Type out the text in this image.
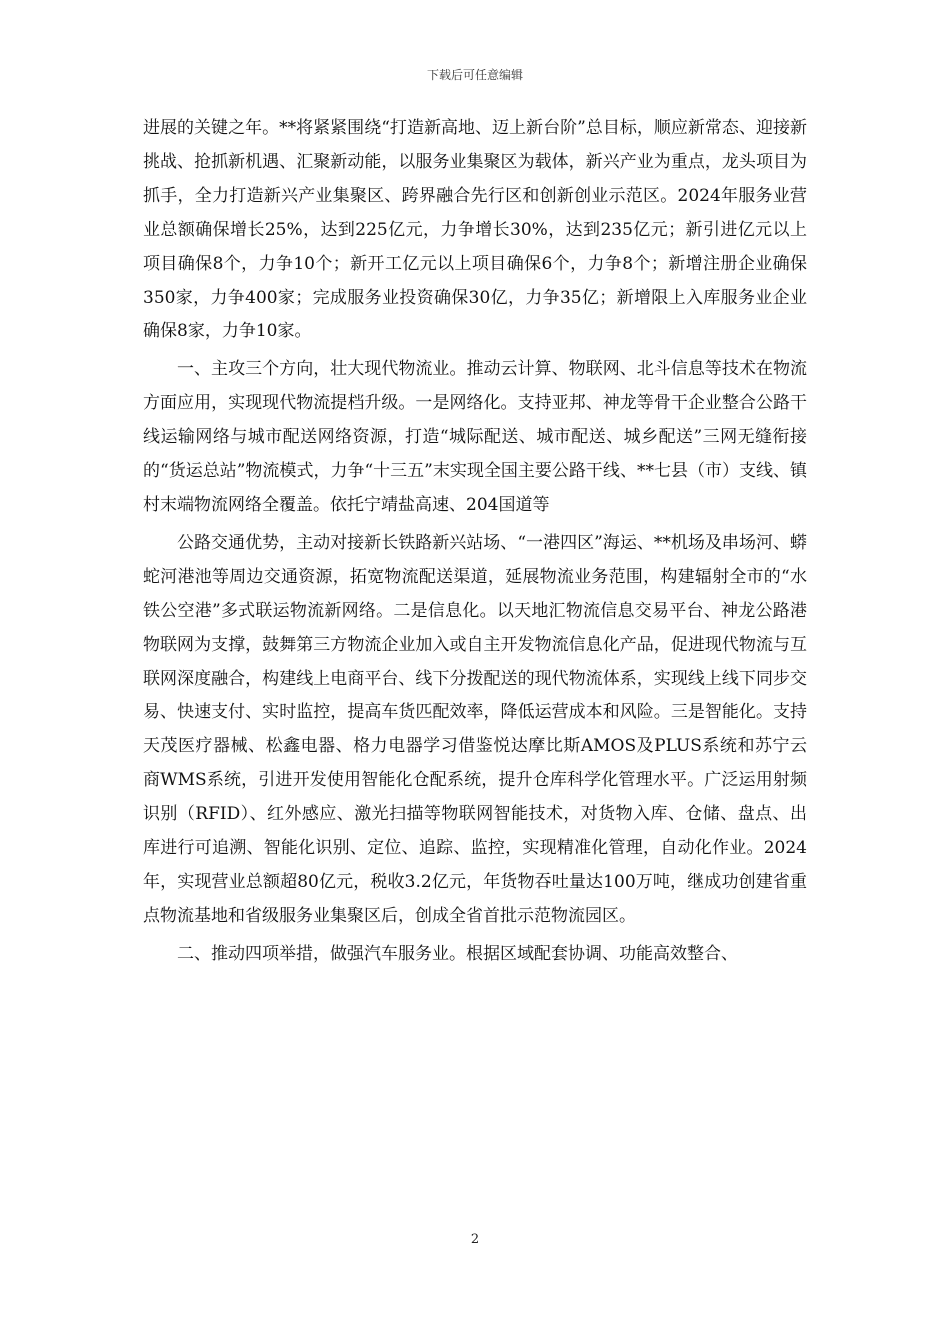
下载后可任意编辑

进展的关键之年。**将紧紧围绕“打造新高地、迈上新台阶”总目标，顺应新常态、迎接新挑战、抢抓新机遇、汇聚新动能，以服务业集聚区为载体，新兴产业为重点，龙头项目为抓手，全力打造新兴产业集聚区、跨界融合先行区和创新创业示范区。2024年服务业营业总额确保增长25%，达到225亿元，力争增长30%，达到235亿元；新引进亿元以上项目确保8个，力争10个；新开工亿元以上项目确保6个，力争8个；新增注册企业确保350家，力争400家；完成服务业投资确保30亿，力争35亿；新增限上入库服务业企业确保8家，力争10家。

一、主攻三个方向，壮大现代物流业。推动云计算、物联网、北斗信息等技术在物流方面应用，实现现代物流提档升级。一是网络化。支持亚邦、神龙等骨干企业整合公路干线运输网络与城市配送网络资源，打造“城际配送、城市配送、城乡配送”三网无缝衔接的“货运总站”物流模式，力争“十三五”末实现全国主要公路干线、**七县（市）支线、镇村末端物流网络全覆盖。依托宁靖盐高速、204国道等

公路交通优势，主动对接新长铁路新兴站场、“一港四区”海运、**机场及串场河、蟒蛇河港池等周边交通资源，拓宽物流配送渠道，延展物流业务范围，构建辐射全市的“水铁公空港”多式联运物流新网络。二是信息化。以天地汇物流信息交易平台、神龙公路港物联网为支撑，鼓舞第三方物流企业加入或自主开发物流信息化产品，促进现代物流与互联网深度融合，构建线上电商平台、线下分拨配送的现代物流体系，实现线上线下同步交易、快速支付、实时监控，提高车货匹配效率，降低运营成本和风险。三是智能化。支持天茂医疗器械、松鑫电器、格力电器学习借鉴悦达摩比斯AMOS及PLUS系统和苏宁云商WMS系统，引进开发使用智能化仓配系统，提升仓库科学化管理水平。广泛运用射频识别（RFID）、红外感应、激光扫描等物联网智能技术，对货物入库、仓储、盘点、出库进行可追溯、智能化识别、定位、追踪、监控，实现精准化管理，自动化作业。2024年，实现营业总额超80亿元，税收3.2亿元，年货物吞吐量达100万吨，继成功创建省重点物流基地和省级服务业集聚区后，创成全省首批示范物流园区。

二、推动四项举措，做强汽车服务业。根据区域配套协调、功能高效整合、

2
